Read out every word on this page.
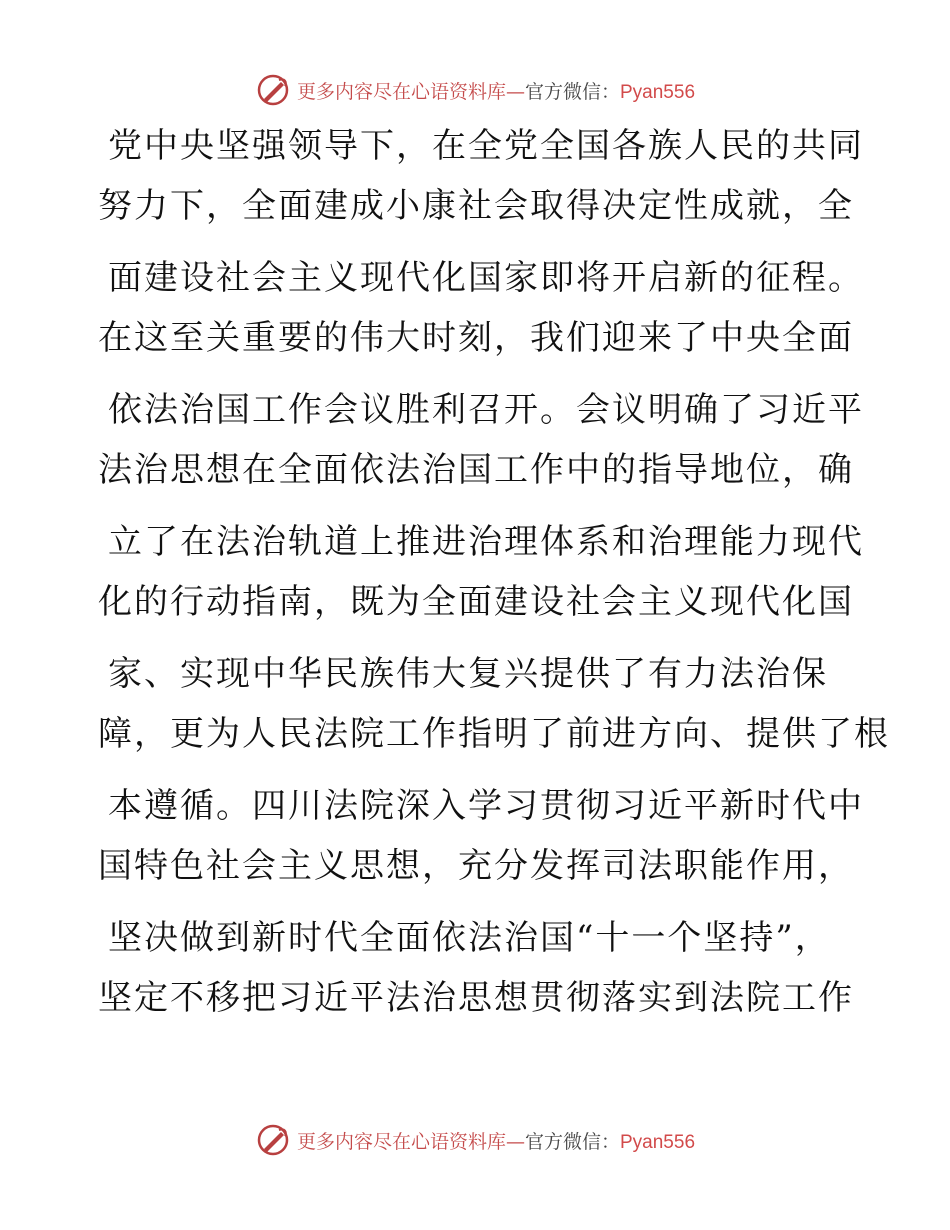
更多内容尽在心语资料库—官方微信：Pyan556
党中央坚强领导下，在全党全国各族人民的共同
努力下，全面建成小康社会取得决定性成就，全
面建设社会主义现代化国家即将开启新的征程。
在这至关重要的伟大时刻，我们迎来了中央全面
依法治国工作会议胜利召开。会议明确了习近平
法治思想在全面依法治国工作中的指导地位，确
立了在法治轨道上推进治理体系和治理能力现代
化的行动指南，既为全面建设社会主义现代化国
家、实现中华民族伟大复兴提供了有力法治保
障，更为人民法院工作指明了前进方向、提供了根
本遵循。四川法院深入学习贯彻习近平新时代中
国特色社会主义思想，充分发挥司法职能作用，
坚决做到新时代全面依法治国“十一个坚持”，
坚定不移把习近平法治思想贯彻落实到法院工作
更多内容尽在心语资料库—官方微信：Pyan556
